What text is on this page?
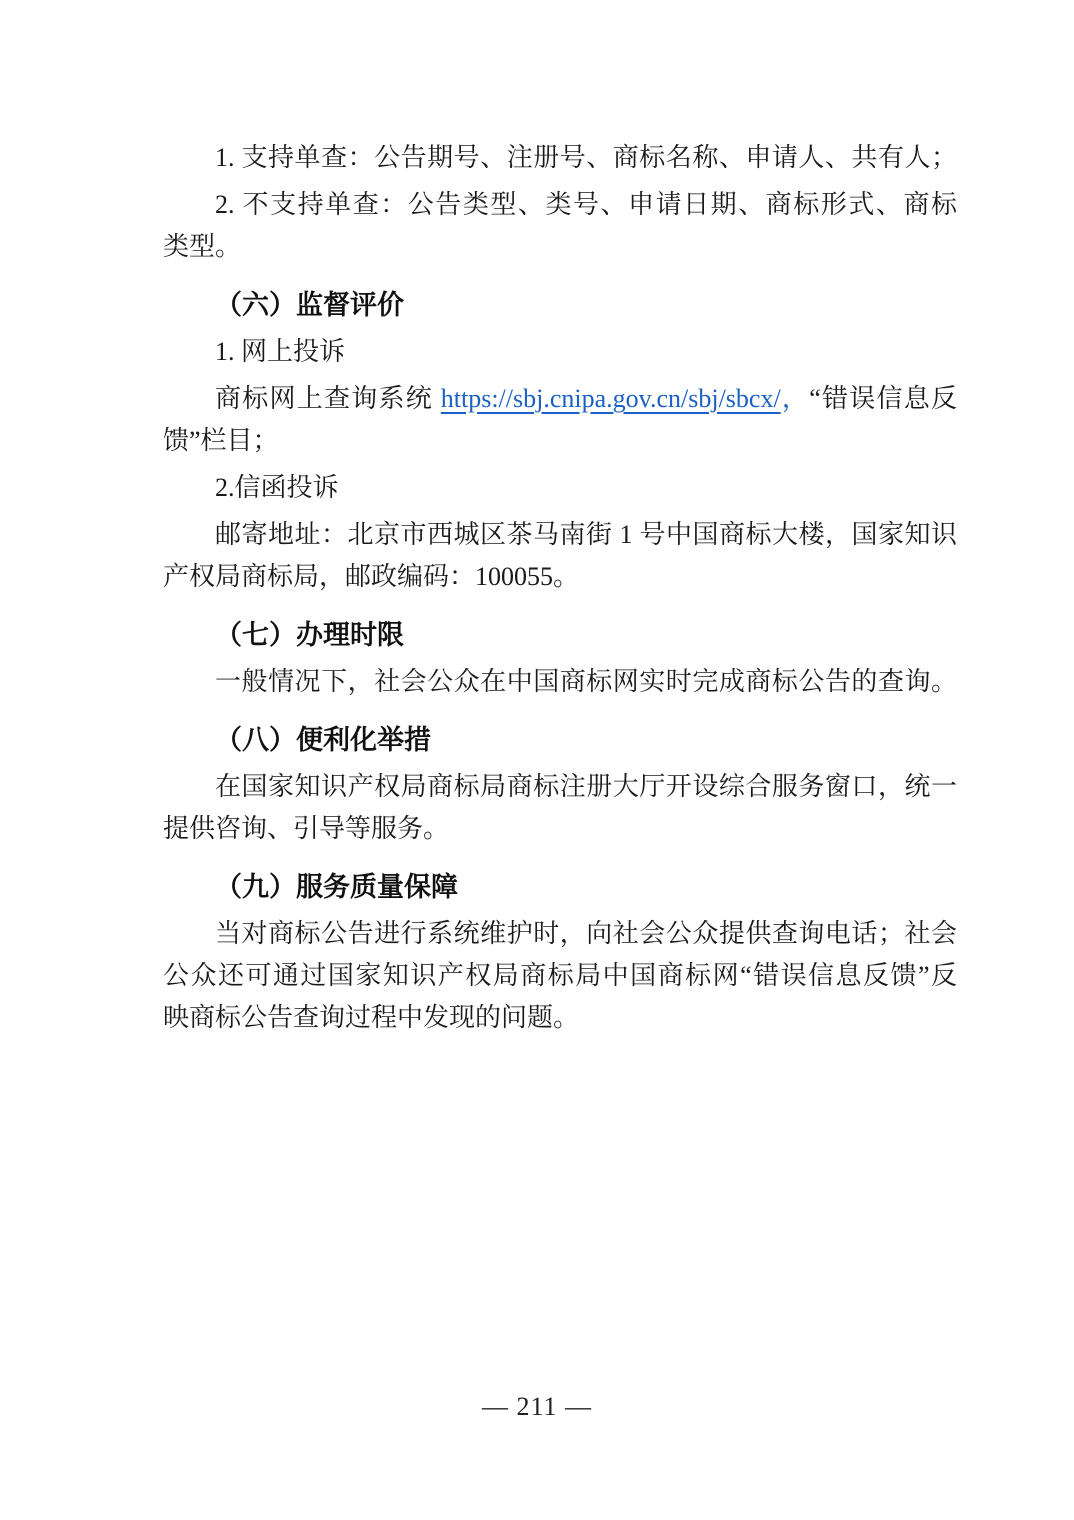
1. 支持单查：公告期号、注册号、商标名称、申请人、共有人；
2. 不支持单查：公告类型、类号、申请日期、商标形式、商标
类型。
（六）监督评价
1. 网上投诉
商标网上查询系统 https://sbj.cnipa.gov.cn/sbj/sbcx/，“错误信息反
馈”栏目；
2.信函投诉
邮寄地址：北京市西城区茶马南街 1 号中国商标大楼，国家知识
产权局商标局，邮政编码：100055。
（七）办理时限
一般情况下，社会公众在中国商标网实时完成商标公告的查询。
（八）便利化举措
在国家知识产权局商标局商标注册大厅开设综合服务窗口，统一
提供咨询、引导等服务。
（九）服务质量保障
当对商标公告进行系统维护时，向社会公众提供查询电话；社会
公众还可通过国家知识产权局商标局中国商标网“错误信息反馈”反
映商标公告查询过程中发现的问题。
— 211 —
